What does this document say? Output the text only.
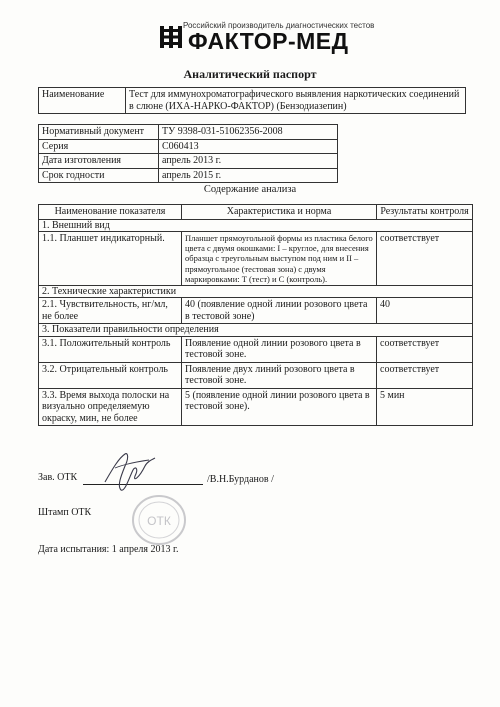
Российский производитель диагностических тестов
ФАКТОР-МЕД
Аналитический паспорт
Наименование	Тест для иммунохроматографического выявления наркотических соединений в слюне (ИХА-НАРКО-ФАКТОР) (Бензодиазепин)
Нормативный документ	ТУ 9398-031-51062356-2008
Серия	С060413
Дата изготовления	апрель 2013 г.
Срок годности	апрель 2015 г.
Содержание анализа
Наименование показателя	Характеристика и норма	Результаты контроля
1. Внешний вид		
1.1. Планшет индикаторный.	Планшет прямоугольной формы из пластика белого цвета с двумя окошками: I – круглое, для внесения образца с треугольным выступом под ним и II – прямоугольное (тестовая зона) с двумя маркировками: Т (тест) и С (контроль).	соответствует
2. Технические характеристики		
2.1. Чувствительность, нг/мл, не более	40 (появление одной линии розового цвета в тестовой зоне)	40
3. Показатели правильности определения		
3.1. Положительный контроль	Появление одной линии розового цвета в тестовой зоне.	соответствует
3.2. Отрицательный контроль	Появление двух линий розового цвета в тестовой зоне.	соответствует
3.3. Время выхода полоски на визуально определяемую окраску, мин, не более	5 (появление одной линии розового цвета в тестовой зоне).	5 мин
Зав. ОТК	/В.Н.Бурданов /
Штамп ОТК
ОТК
Дата испытания: 1 апреля 2013 г.
